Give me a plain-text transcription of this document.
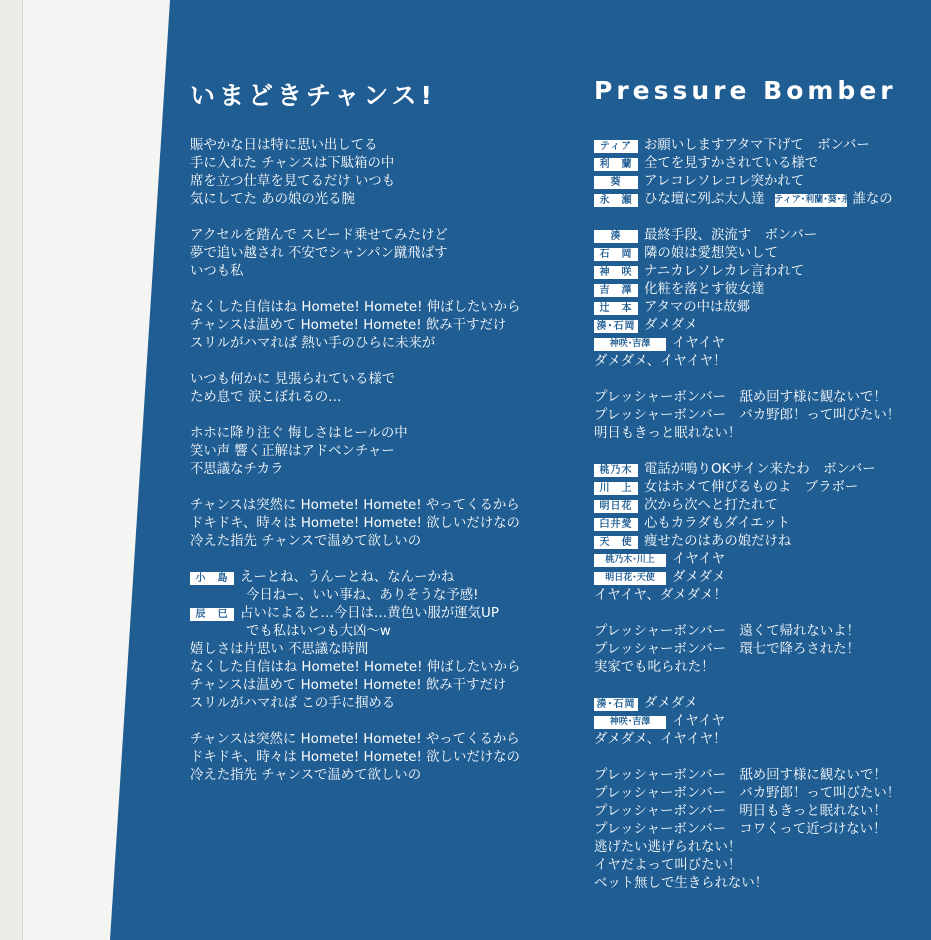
いまどきチャンス!	Pressure Bomber
賑やかな日は特に思い出してる
手に入れた チャンスは下駄箱の中
席を立つ仕草を見てるだけ いつも
気にしてた あの娘の光る腕
アクセルを踏んで スピード乗せてみたけど
夢で追い越され 不安でシャンパン蹴飛ばす
いつも私
なくした自信はね Homete! Homete! 伸ばしたいから
チャンスは温めて Homete! Homete! 飲み干すだけ
スリルがハマれば 熱い手のひらに未来が
いつも何かに 見張られている様で
ため息で 涙こぼれるの…
ホホに降り注ぐ 悔しさはヒールの中
笑い声 響く正解はアドベンチャー
不思議なチカラ
チャンスは突然に Homete! Homete! やってくるから
ドキドキ、時々は Homete! Homete! 欲しいだけなの
冷えた指先 チャンスで温めて欲しいの
小　島 えーとね、うんーとね、なんーかね
今日ねー、いい事ね、ありそうな予感!
辰　巳 占いによると…今日は…黄色い服が運気UP
でも私はいつも大凶〜w
嬉しさは片思い 不思議な時間
なくした自信はね Homete! Homete! 伸ばしたいから
チャンスは温めて Homete! Homete! 飲み干すだけ
スリルがハマれば この手に掴める
チャンスは突然に Homete! Homete! やってくるから
ドキドキ、時々は Homete! Homete! 欲しいだけなの
冷えた指先 チャンスで温めて欲しいの
ティア お願いしますアタマ下げて　ボンバー
利　蘭 全てを見すかされている様で
葵	アレコレソレコレ突かれて
永　瀬 ひな壇に列ぶ大人達 ティア･利蘭･葵･永瀬
誰なの
湊	最終手段、涙流す　ボンバー
石　岡 隣の娘は愛想笑いして
神　咲 ナニカレソレカレ言われて
吉　澤 化粧を落とす彼女達
辻　本 アタマの中は故郷
湊･石岡 ダメダメ
神咲･吉澤	イヤイヤ
ダメダメ、イヤイヤ！
プレッシャーボンバー　舐め回す様に観ないで！
プレッシャーボンバー　バカ野郎！って叫びたい！
明日もきっと眠れない！
桃乃木 電話が鳴りOKサイン来たわ　ボンバー
川　上 女はホメて伸びるものよ　ブラボー
明日花 次から次へと打たれて
臼井愛 心もカラダもダイエット
天　使 痩せたのはあの娘だけね
桃乃木･川上	イヤイヤ
明日花･天使	ダメダメ
イヤイヤ、ダメダメ！
プレッシャーボンバー　遠くて帰れないよ！
プレッシャーボンバー　環七で降ろされた！
実家でも叱られた！
湊･石岡 ダメダメ
神咲･吉澤	イヤイヤ
ダメダメ、イヤイヤ！
プレッシャーボンバー　舐め回す様に観ないで！
プレッシャーボンバー　バカ野郎！って叫びたい！
プレッシャーボンバー　明日もきっと眠れない！
プレッシャーボンバー　コワくって近づけない！
逃げたい逃げられない！
イヤだよって叫びたい！
ベット無しで生きられない！
